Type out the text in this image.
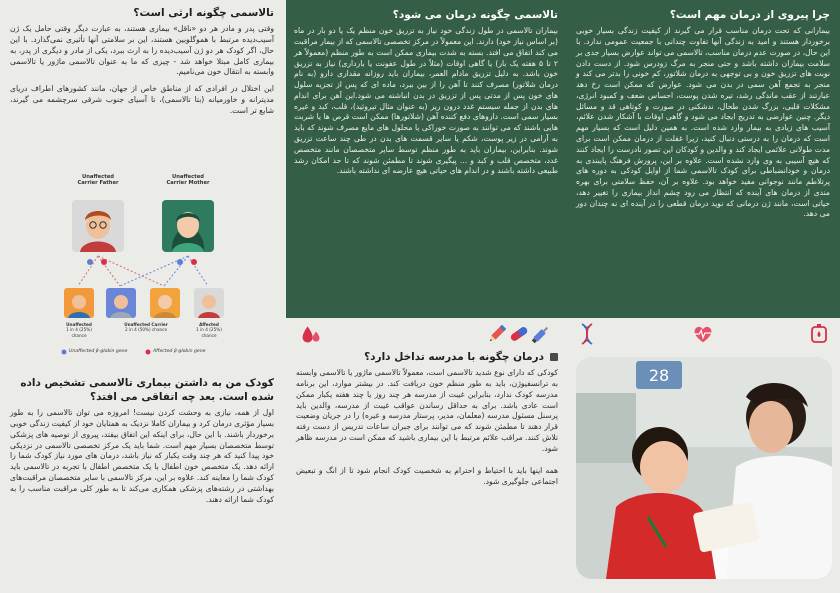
چرا پیروی از درمان مهم است؟

بیمارانی که تحت درمان مناسب قرار می گیرند از کیفیت زندگی بسیار خوبی برخوردار هستند و امید به زندگی آنها تفاوت چندانی با جمعیت عمومی ندارد. با این حال، در صورت عدم درمان مناسب، تالاسمی می تواند عوارض بسیار جدی بر سلامت بیماران داشته باشد و حتی منجر به مرگ زودرس شود. از دست دادن نوبت های تزریق خون و بی توجهی به درمان شلاتور، کم خونی را بدتر می کند و منجر به تجمع آهن سمی در بدن می شود. عوارض که ممکن است رخ دهد عبارتند از عقب ماندگی رشد، تیره شدن پوست، احساس ضعف و کمبود انرژی، مشکلات قلبی، بزرگ شدن طحال، ندشکنی در صورت و کوتاهی قد و مسائل دیگر. چنین عوارضی به تدریج ایجاد می شود و گاهی اوقات با آشکار شدن علائم، آسیب های زیادی به بیمار وارد شده است. به همین دلیل است که بسیار مهم است که درمان را به درستی دنبال کنید، زیرا غفلت از درمان ممکن است برای مدت طولانی علائمی ایجاد کند و والدین و کودکان این تصور نادرست را ایجاد کنند که هیچ آسیبی به وی وارد نشده است. علاوه بر این، پرورش فرهنگ پایبندی به درمان و خودانضباطی برای کودک تالاسمی شما از اوایل کودکی به دوره های پرتلاطم مانند نوجوانی مفید خواهد بود. علاوه بر آن، حفظ سلامتی برای بهره مندی از درمان های آینده که انتظار می رود چشم انداز بیماری را تغییر دهد، حیاتی است، مانند ژن درمانی که نوید درمان قطعی را در آینده ای نه چندان دور می دهد.

28
تالاسمی چگونه درمان می شود؟

بیماران تالاسمی در طول زندگی خود نیاز به تزریق خون منظم یک یا دو بار در ماه (بر اساس نیاز خود) دارند. این معمولاً در مرکز تخصصی تالاسمی که از بیمار مراقبت می کند اتفاق می افتد. بسته به شدت بیماری ممکن است به طور منظم (معمولاً هر ۲ تا ۵ هفته یک بار) یا گاهی اوقات (مثلاً در طول عفونت یا بارداری) نیاز به تزریق خون باشد. به دلیل تزریق مادام العمر، بیماران باید روزانه مقداری دارو (به نام درمان شلاتور) مصرف کنند تا آهن را از بین ببرد، ماده ای که پس از تجزیه سلول های خون پس از مدتی پس از تزریق در بدن انباشته می شود.این آهن برای اندام های بدن از جمله سیستم غدد درون ریز (به عنوان مثال تیروئید)، قلب، کبد و غیره بسیار سمی است. داروهای دفع کننده آهن (شلاتورها) ممکن است قرص ها یا شربت هایی باشند که می توانند به صورت خوراکی یا محلول های مایع مصرف شوند که باید به آرامی در زیر پوست، شکم یا سایر قسمت های بدن در طی چند ساعت تزریق شوند. بنابراین، بیماران باید به طور منظم توسط سایر متخصصان مانند متخصص غدد، متخصص قلب و کبد و ... پیگیری شوند تا مطمئن شوند که تا حد امکان رشد طبیعی داشته باشند و در اندام های حیاتی هیچ عارضه ای نداشته باشند.

درمان چگونه با مدرسه تداخل دارد؟

کودکی که دارای نوع شدید تالاسمی است، معمولاً تالاسمی ماژور یا تالاسمی وابسته به ترانسفیوژن، باید به طور منظم خون دریافت کند. در بیشتر موارد، این برنامه مدرسه کودک ندارد، بنابراین غیبت از مدرسه هر چند روز یا چند هفته یکبار ممکن است عادی باشد. برای به حداقل رساندن عواقب غیبت از مدرسه، والدین باید پرسنل مسئول مدرسه (معلمان، مدیر، پرستار مدرسه و غیره) را در جریان وضعیت قرار دهند تا مطمئن شوند که می توانند برای جبران ساعات تدریس از دست رفته تلاش کنند. مراقب علائم مرتبط با این بیماری باشید که ممکن است در مدرسه ظاهر شود.

همه اینها باید با احتیاط و احترام به شخصیت کودک انجام شود تا از انگ و تبعیض اجتماعی جلوگیری شود.

تالاسمی چگونه ارثی است؟

وقتی پدر و مادر هر دو «ناقل» بیماری هستند، به عبارت دیگر وقتی حامل یک ژن آسیب‌دیده مرتبط با هموگلوبین هستند، این بر سلامتی آنها تأثیری نمی‌گذارد. با این حال، اگر کودک هر دو ژن آسیب‌دیده را به ارث ببرد، یکی از مادر و دیگری از پدر، به بیماری کامل مبتلا خواهد شد - چیزی که ما به عنوان تالاسمی ماژور یا تالاسمی وابسته به انتقال خون می‌نامیم.

این اختلال در افرادی که از مناطق خاص از جهان، مانند کشورهای اطراف دریای مدیترانه و خاورمیانه (بتا تالاسمی)، تا آسیای جنوب شرقی سرچشمه می گیرند، شایع تر است.

Unaffected
Carrier Father
Unaffected
Carrier Mother
Unaffected
1 in 4 (25%) chance
Unaffected Carrier
2 in 4 (50%) chance
Affected
1 in 4 (25%) chance
Unaffected β-globin gene	Affected β-globin gene
کودک من به داشتن بیماری تالاسمی تشخیص داده شده است. بعد چه اتفاقی می افتد؟

اول از همه، نیازی به وحشت کردن نیست! امروزه می توان تالاسمی را به طور بسیار مؤثری درمان کرد و بیماران کاملا نزدیک به همتایان خود از کیفیت زندگی خوبی برخوردار باشند. با این حال، برای اینکه این اتفاق بیفتد، پیروی از توصیه های پزشکی توسط متخصصان بسیار مهم است. شما باید یک مرکز تخصصی تالاسمی در نزدیکی خود پیدا کنید که هر چند وقت یکبار که نیاز باشد، درمان های مورد نیاز کودک شما را ارائه دهد. یک متخصص خون اطفال با یک متخصص اطفال با تجربه در تالاسمی باید کودک شما را معاینه کند. علاوه بر این، مرکز تالاسمی با سایر متخصصان مراقبت‌های بهداشتی در رشته‌های پزشکی همکاری می‌کند تا به طور کلی مراقبت مناسب را به کودک شما ارائه دهند.
